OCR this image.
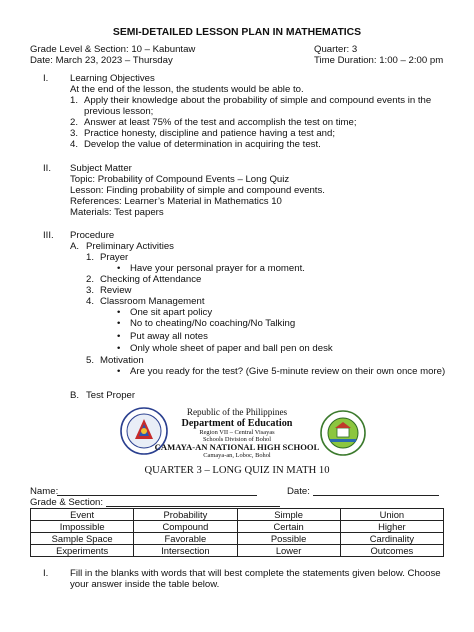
SEMI-DETAILED LESSON PLAN IN MATHEMATICS
Grade Level & Section: 10 – Kabuntaw	Quarter: 3
Date: March 23, 2023 – Thursday	Time Duration: 1:00 – 2:00 pm
I. Learning Objectives
At the end of the lesson, the students would be able to.
1. Apply their knowledge about the probability of simple and compound events in the
previous lesson;
2. Answer at least 75% of the test and accomplish the test on time;
3. Practice honesty, discipline and patience having a test and;
4. Develop the value of determination in acquiring the test.
II. Subject Matter
Topic: Probability of Compound Events – Long Quiz
Lesson: Finding probability of simple and compound events.
References: Learner’s Material in Mathematics 10
Materials: Test papers
III. Procedure
A. Preliminary Activities
1. Prayer
• Have your personal prayer for a moment.
2. Checking of Attendance
3. Review
4. Classroom Management
• One sit apart policy
• No to cheating/No coaching/No Talking
• Put away all notes
• Only whole sheet of paper and ball pen on desk
5. Motivation
• Are you ready for the test? (Give 5-minute review on their own once more)
B. Test Proper
Republic of the Philippines
Department of Education
Region VII – Central Visayas
Schools Division of Bohol
CAMAYA-AN NATIONAL HIGH SCHOOL
Camaya-an, Loboc, Bohol
QUARTER 3 – LONG QUIZ IN MATH 10
Name:	Date:
Grade & Section:
Event	Probability	Simple	Union
Impossible	Compound	Certain	Higher
Sample Space	Favorable	Possible	Cardinality
Experiments	Intersection	Lower	Outcomes
I. Fill in the blanks with words that will best complete the statements given below. Choose
your answer inside the table below.
